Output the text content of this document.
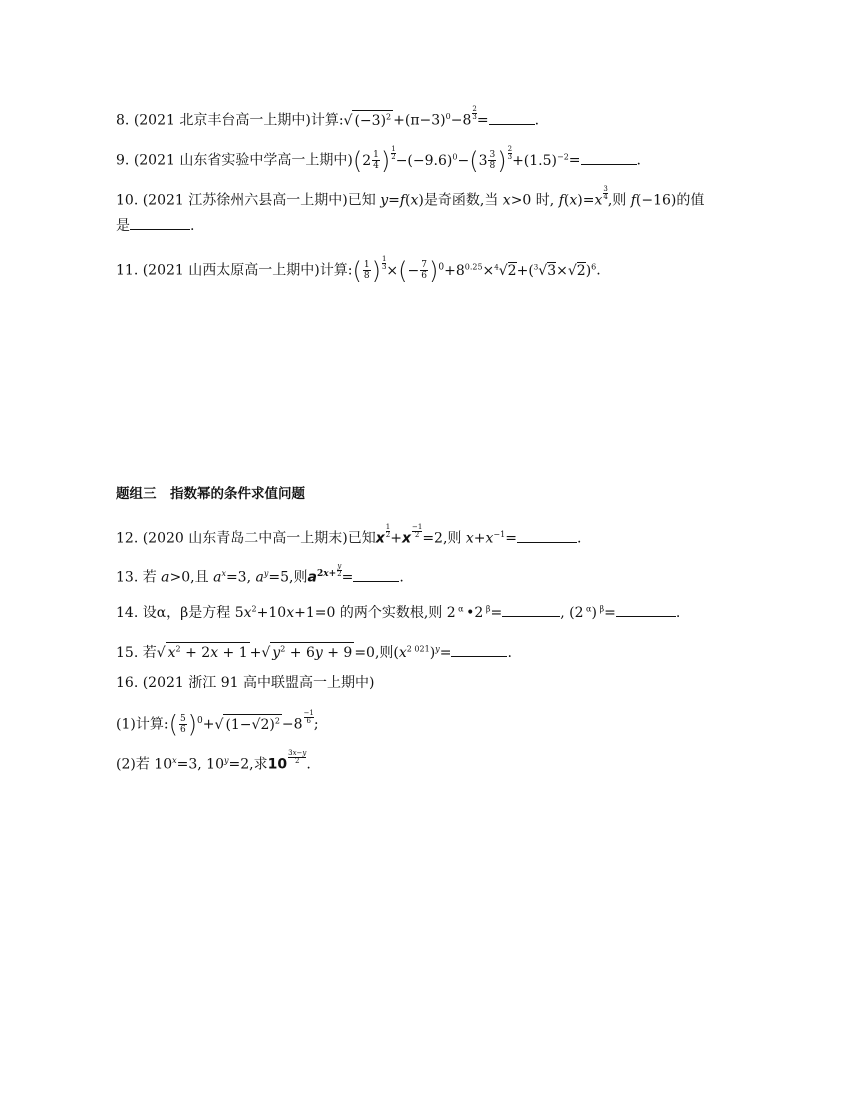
8. (2021 北京丰台高一上期中)计算:√ $(-3)^2 +(\pi-3)^0-8 \frac{2}{3}$ =	.
9. (2021 山东省实验中学高一上期中)($2 \frac{1}{4}$ ) $\frac{1}{2} -(-9.6)^0-(3 \frac{3}{8}$ ) $\frac{2}{3} +(1.5)^{-2}=$	.
10. (2021 江苏徐州六县高一上期中)已知 y=f(x)是奇函数,当 x>0 时, $f(x)=x \frac{3}{4}$ ,则 f(−16)的值
是	.
11. (2021 山西太原高一上期中)计算:( $\frac{1}{8}$ ) $\frac{1}{3}$ ×(− $\frac{7}{6} )^0+8^{0.25}\times^4√2+(^3√3\times√2)^6$.
题组三　指数幂的条件求值问题
12. (2020 山东青岛二中高一上期末)已知x $\frac{1}{2} +x \frac{-1}{2} =2$,则 $x+x^{-1}=$	.
13. 若 a>0,且 $a^x=3$, $a^y=5$,则$a^{2x+} \frac{y}{2}$ =	.
14. 设α，β是方程 $5x^2+10x+1=0$ 的两个实数根,则 2 $^\alpha$ •2 $^\beta$=	, (2 $^\alpha$) $^\beta$=	.
15. 若√ $x^2 + 2x + 1$ +√ $y^2 + 6y + 9 =0$,则$(x^{2 021})^y=$	.
16. (2021 浙江 91 高中联盟高一上期中)
(1)计算:( $\frac{5}{6} )^0+√$ $(1-√2)^2 -8 \frac{-1}{6}$ ;
(2)若 $10^x=3$, $10^y=2$,求$10 \frac{3x-y}{2}$ .
